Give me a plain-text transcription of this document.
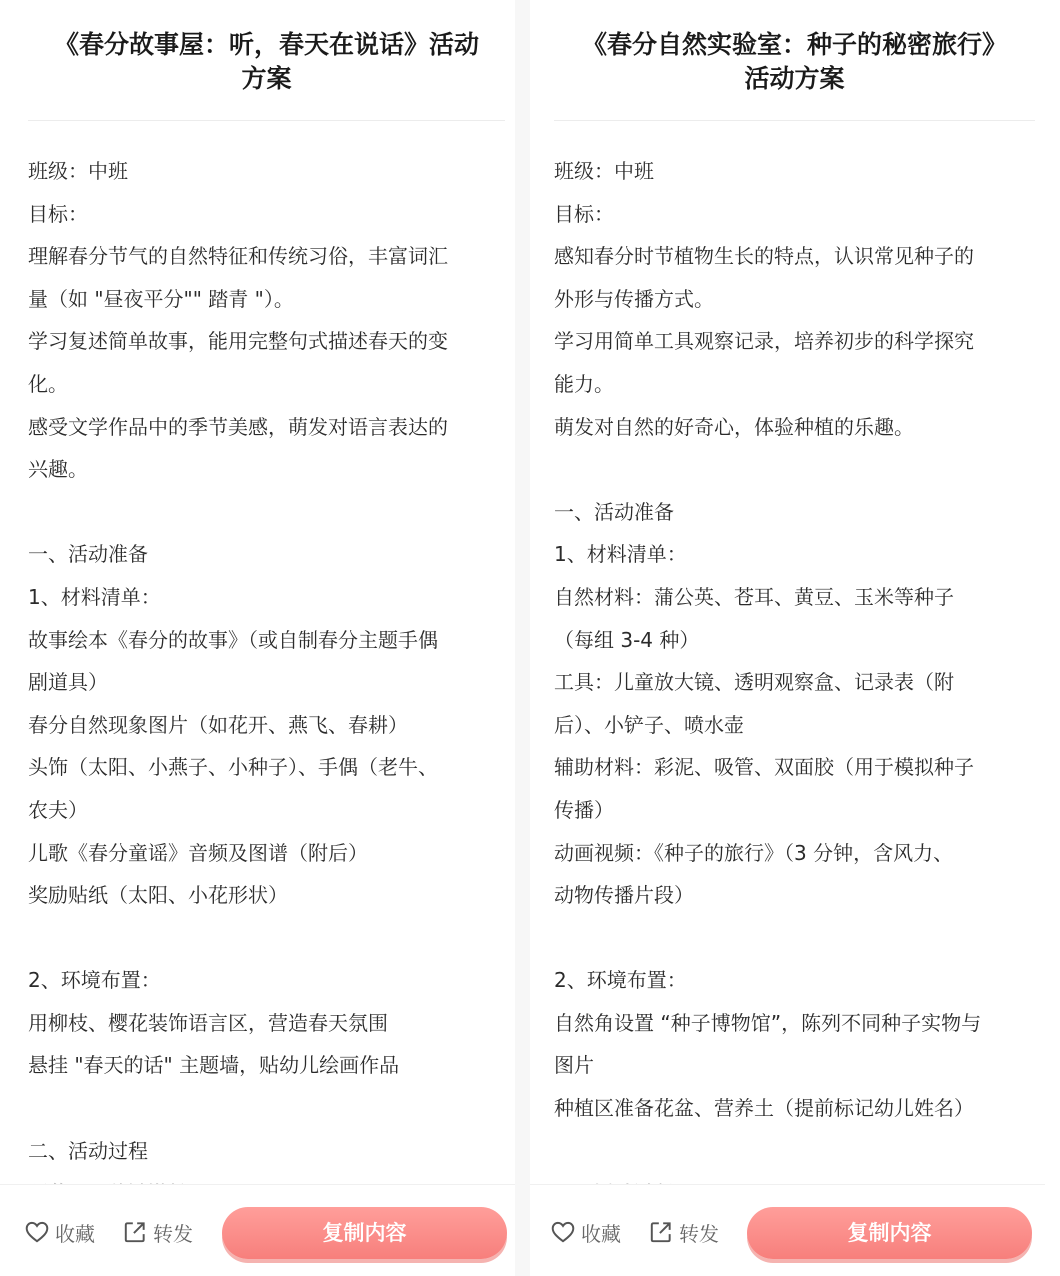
《春分故事屋：听，春天在说话》活动
方案
班级：中班
目标：
理解春分节气的自然特征和传统习俗，丰富词汇
量（如 "昼夜平分"" 踏青 "）。
学习复述简单故事，能用完整句式描述春天的变
化。
感受文学作品中的季节美感，萌发对语言表达的
兴趣。
一、活动准备
1、材料清单：
故事绘本《春分的故事》（或自制春分主题手偶
剧道具）
春分自然现象图片（如花开、燕飞、春耕）
头饰（太阳、小燕子、小种子）、手偶（老牛、
农夫）
儿歌《春分童谣》音频及图谱（附后）
奖励贴纸（太阳、小花形状）
2、环境布置：
用柳枝、樱花装饰语言区，营造春天氛围
悬挂 "春天的话" 主题墙，贴幼儿绘画作品
二、活动过程
收藏	转发	复制内容
《春分自然实验室：种子的秘密旅行》
活动方案
班级：中班
目标：
感知春分时节植物生长的特点，认识常见种子的
外形与传播方式。
学习用简单工具观察记录，培养初步的科学探究
能力。
萌发对自然的好奇心，体验种植的乐趣。
一、活动准备
1、材料清单：
自然材料：蒲公英、苍耳、黄豆、玉米等种子
（每组 3-4 种）
工具：儿童放大镜、透明观察盒、记录表（附
后）、小铲子、喷水壶
辅助材料：彩泥、吸管、双面胶（用于模拟种子
传播）
动画视频：《种子的旅行》（3 分钟，含风力、
动物传播片段）
2、环境布置：
自然角设置 “种子博物馆”，陈列不同种子实物与
图片
种植区准备花盆、营养土（提前标记幼儿姓名）
收藏	转发	复制内容
